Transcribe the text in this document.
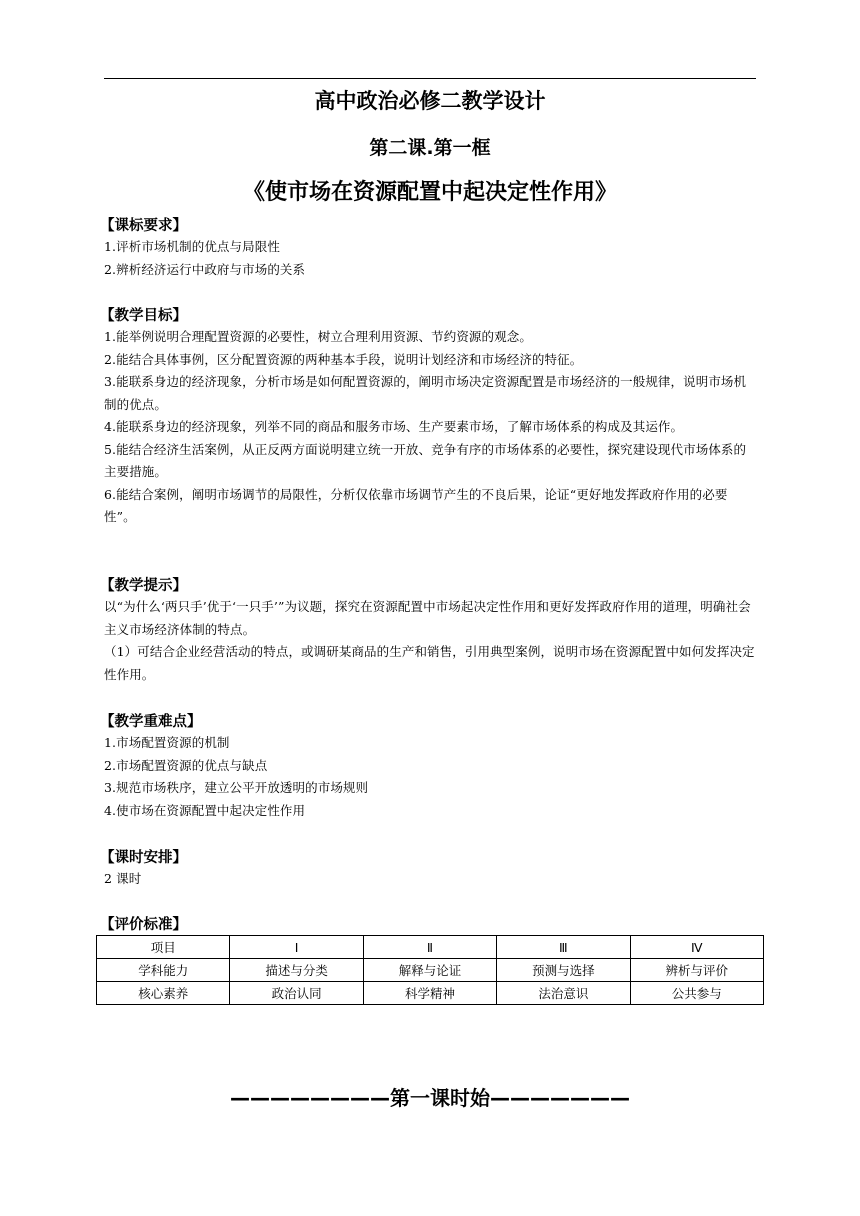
高中政治必修二教学设计
第二课.第一框
《使市场在资源配置中起决定性作用》
【课标要求】
1.评析市场机制的优点与局限性
2.辨析经济运行中政府与市场的关系
【教学目标】
1.能举例说明合理配置资源的必要性，树立合理利用资源、节约资源的观念。
2.能结合具体事例，区分配置资源的两种基本手段，说明计划经济和市场经济的特征。
3.能联系身边的经济现象，分析市场是如何配置资源的，阐明市场决定资源配置是市场经济的一般规律，说明市场机制的优点。
4.能联系身边的经济现象，列举不同的商品和服务市场、生产要素市场，了解市场体系的构成及其运作。
5.能结合经济生活案例，从正反两方面说明建立统一开放、竞争有序的市场体系的必要性，探究建设现代市场体系的主要措施。
6.能结合案例，阐明市场调节的局限性，分析仅依靠市场调节产生的不良后果，论证“更好地发挥政府作用的必要性”。
【教学提示】
以“为什么‘两只手’优于‘一只手’”为议题，探究在资源配置中市场起决定性作用和更好发挥政府作用的道理，明确社会主义市场经济体制的特点。
（1）可结合企业经营活动的特点，或调研某商品的生产和销售，引用典型案例，说明市场在资源配置中如何发挥决定性作用。
【教学重难点】
1.市场配置资源的机制
2.市场配置资源的优点与缺点
3.规范市场秩序，建立公平开放透明的市场规则
4.使市场在资源配置中起决定性作用
【课时安排】
2 课时
【评价标准】
项目	Ⅰ	Ⅱ	Ⅲ	Ⅳ
学科能力	描述与分类	解释与论证	预测与选择	辨析与评价
核心素养	政治认同	科学精神	法治意识	公共参与
————————第一课时始———————
